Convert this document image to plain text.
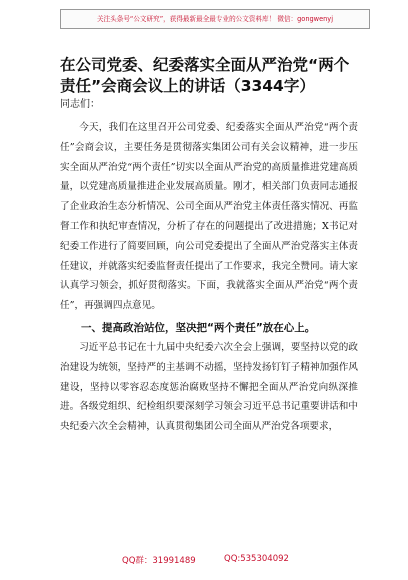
关注头条号“公文研究”，获得最新最全最专业的公文资料库！ 微信：gongwenyj
在公司党委、纪委落实全面从严治党“两个责任”会商会议上的讲话（3344字）
同志们：

今天，我们在这里召开公司党委、纪委落实全面从严治党“两个责任”会商会议，主要任务是贯彻落实集团公司有关会议精神，进一步压实全面从严治党“两个责任”切实以全面从严治党的高质量推进党建高质量，以党建高质量推进企业发展高质量。刚才，相关部门负责同志通报了企业政治生态分析情况、公司全面从严治党主体责任落实情况、再监督工作和执纪审查情况，分析了存在的问题提出了改进措施；X书记对纪委工作进行了简要回顾，向公司党委提出了全面从严治党落实主体责任建议，并就落实纪委监督责任提出了工作要求，我完全赞同。请大家认真学习领会，抓好贯彻落实。下面，我就落实全面从严治党“两个责任”，再强调四点意见。

一、提高政治站位，坚决把“两个责任”放在心上。

习近平总书记在十九届中央纪委六次全会上强调，要坚持以党的政治建设为统领，坚持严的主基调不动摇，坚持发扬钉钉子精神加强作风建设，坚持以零容忍态度惩治腐败坚持不懈把全面从严治党向纵深推进。各级党组织、纪检组织要深刻学习领会习近平总书记重要讲话和中央纪委六次全会精神，认真贯彻集团公司全面从严治党各项要求，

QQ群：31991489	QQ:535304092
